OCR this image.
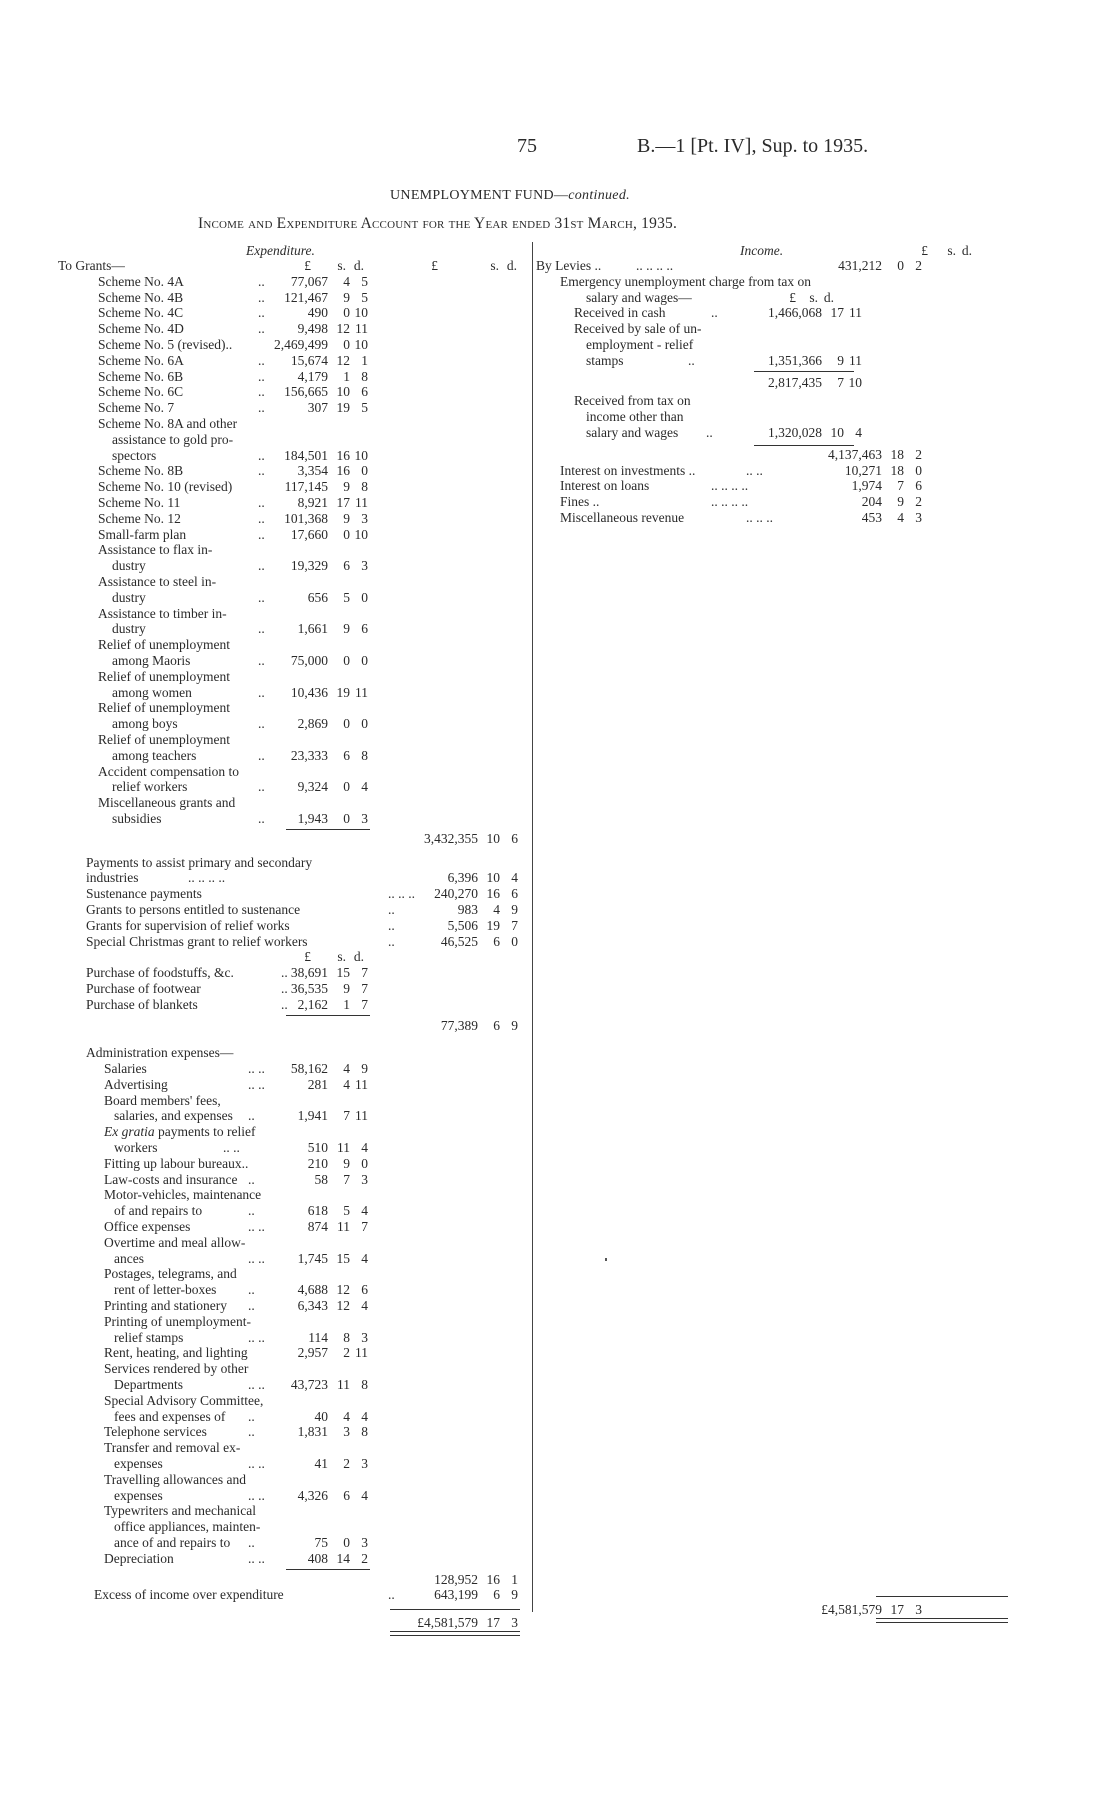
75	B.—1 [Pt. IV], Sup. to 1935.
UNEMPLOYMENT FUND—continued.
Income and Expenditure Account for the Year ended 31st March, 1935.
Expenditure.
£	s. d.	£	s. d.
To Grants—
Scheme No. 4A	..	77,067	4 5
Scheme No. 4B	..	121,467	9 5
Scheme No. 4C	..	490	0 10
Scheme No. 4D	..	9,498 12 11
Scheme No. 5 (revised)..	2,469,499	0 10
Scheme No. 6A	..	15,674 12 1
Scheme No. 6B	..	4,179	1 8
Scheme No. 6C	..	156,665 10 6
Scheme No. 7	..	307 19 5
Scheme No. 8A and other
assistance to gold pro-
spectors	..	184,501 16 10
Scheme No. 8B	..	3,354 16 0
Scheme No. 10 (revised)	117,145	9 8
Scheme No. 11	..	8,921 17 11
Scheme No. 12	..	101,368	9 3
Small-farm plan	..	17,660	0 10
Assistance to flax in-
dustry	..	19,329	6 3
Assistance to steel in-
dustry	..	656	5 0
Assistance to timber in-
dustry	..	1,661	9 6
Relief of unemployment
among Maoris	..	75,000	0 0
Relief of unemployment
among women	..	10,436 19 11
Relief of unemployment
among boys	..	2,869	0 0
Relief of unemployment
among teachers	..	23,333	6 8
Accident compensation to
relief workers	..	9,324	0 4
Miscellaneous grants and
subsidies	..	1,943	0 3
3,432,355 10 6
Payments to assist primary and secondary
industries	.. .. .. ..	6,396 10 4
Sustenance payments	.. .. ..	240,270 16 6
Grants to persons entitled to sustenance	..	983	4 9
Grants for supervision of relief works	..	5,506 19 7
Special Christmas grant to relief workers	..	46,525	6 0
£	s. d.
Purchase of foodstuffs, &c.	.. 38,691 15 7
Purchase of footwear	.. 36,535	9 7
Purchase of blankets	.. 2,162	1 7
77,389	6 9
Administration expenses—
Salaries	.. ..	58,162	4 9
Advertising	.. ..	281	4 11
Board members' fees,
salaries, and expenses ..	1,941	7 11
Ex gratia payments to relief
workers	.. ..	510 11 4
Fitting up labour bureaux..	210	9 0
Law-costs and insurance ..	58	7 3
Motor-vehicles, maintenance
of and repairs to	..	618	5 4
Office expenses	.. ..	874 11 7
Overtime and meal allow-
ances	.. ..	1,745 15 4
Postages, telegrams, and
rent of letter-boxes ..	4,688 12 6
Printing and stationery ..	6,343 12 4
Printing of unemployment-
relief stamps	.. ..	114	8 3
Rent, heating, and lighting	2,957	2 11
Services rendered by other
Departments	.. ..	43,723 11 8
Special Advisory Committee,
fees and expenses of ..	40	4 4
Telephone services	..	1,831	3 8
Transfer and removal ex-
expenses	.. ..	41	2 3
Travelling allowances and
expenses	.. ..	4,326	6 4
Typewriters and mechanical
office appliances, mainten-
ance of and repairs to ..	75	0 3
Depreciation	.. ..	408 14 2
128,952 16 1
Excess of income over expenditure	..	643,199	6 9
£4,581,579 17 3
Income.	£	s. d.
By Levies ..	.. .. .. ..	431,212	0 2
Emergency unemployment charge from tax on
salary and wages—	£ s. d.
Received in cash	..	1,466,068 17 11
Received by sale of un-
employment - relief
stamps	..	1,351,366	9 11
2,817,435	7 10
Received from tax on
income other than
salary and wages ..	1,320,028 10 4
4,137,463 18 2
Interest on investments ..	.. ..	10,271 18 0
Interest on loans	.. .. .. ..	1,974	7 6
Fines ..	.. .. .. ..	204	9 2
Miscellaneous revenue	.. .. ..	453	4 3
£4,581,579 17 3
